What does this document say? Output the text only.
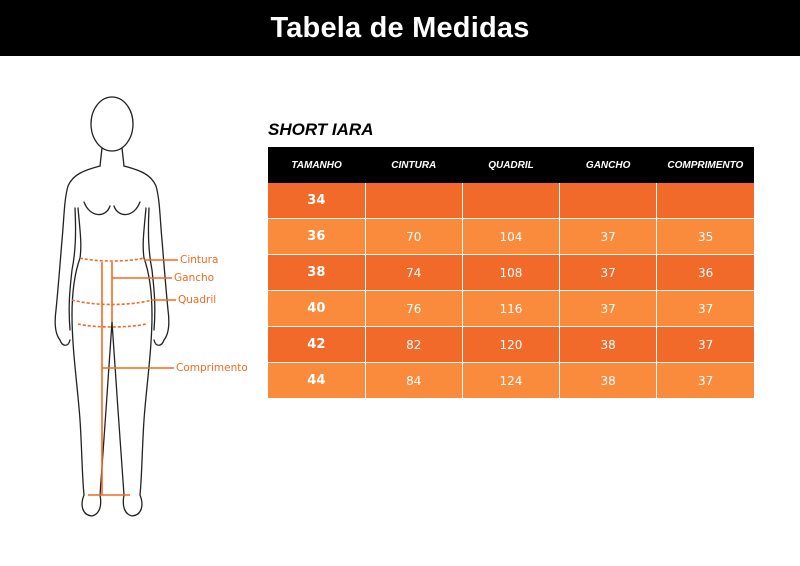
Tabela de Medidas
Cintura
Gancho
Quadril
Comprimento
SHORT IARA
TAMANHO	CINTURA	QUADRIL	GANCHO	COMPRIMENTO
34				
36	70	104	37	35
38	74	108	37	36
40	76	116	37	37
42	82	120	38	37
44	84	124	38	37
